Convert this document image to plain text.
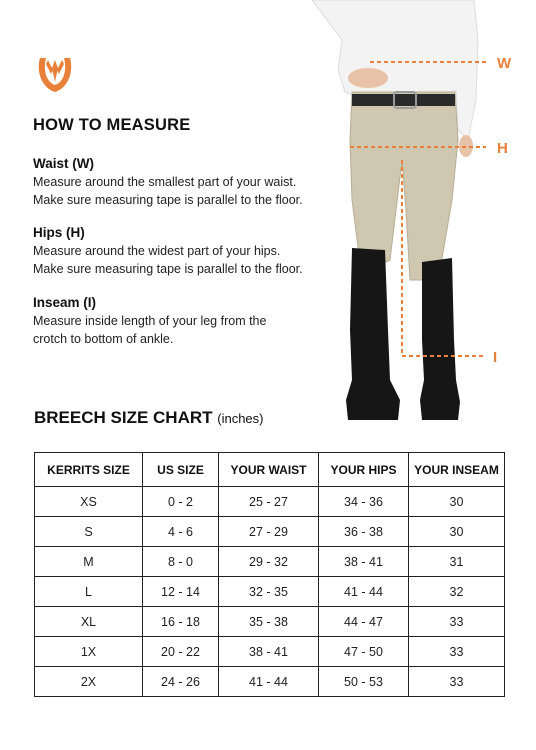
HOW TO MEASURE
Waist (W)

Measure around the smallest part of your waist.

Make sure measuring tape is parallel to the floor.

Hips (H)

Measure around the widest part of your hips.

Make sure measuring tape is parallel to the floor.

Inseam (I)

Measure inside length of your leg from the

crotch to bottom of ankle.

W
H
I
BREECH SIZE CHART (inches)
KERRITS SIZE	US SIZE	YOUR WAIST	YOUR HIPS	YOUR INSEAM
XS	0 - 2	25 - 27	34 - 36	30
S	4 - 6	27 - 29	36 - 38	30
M	8 - 0	29 - 32	38 - 41	31
L	12 - 14	32 - 35	41 - 44	32
XL	16 - 18	35 - 38	44 - 47	33
1X	20 - 22	38 - 41	47 - 50	33
2X	24 - 26	41 - 44	50 - 53	33
